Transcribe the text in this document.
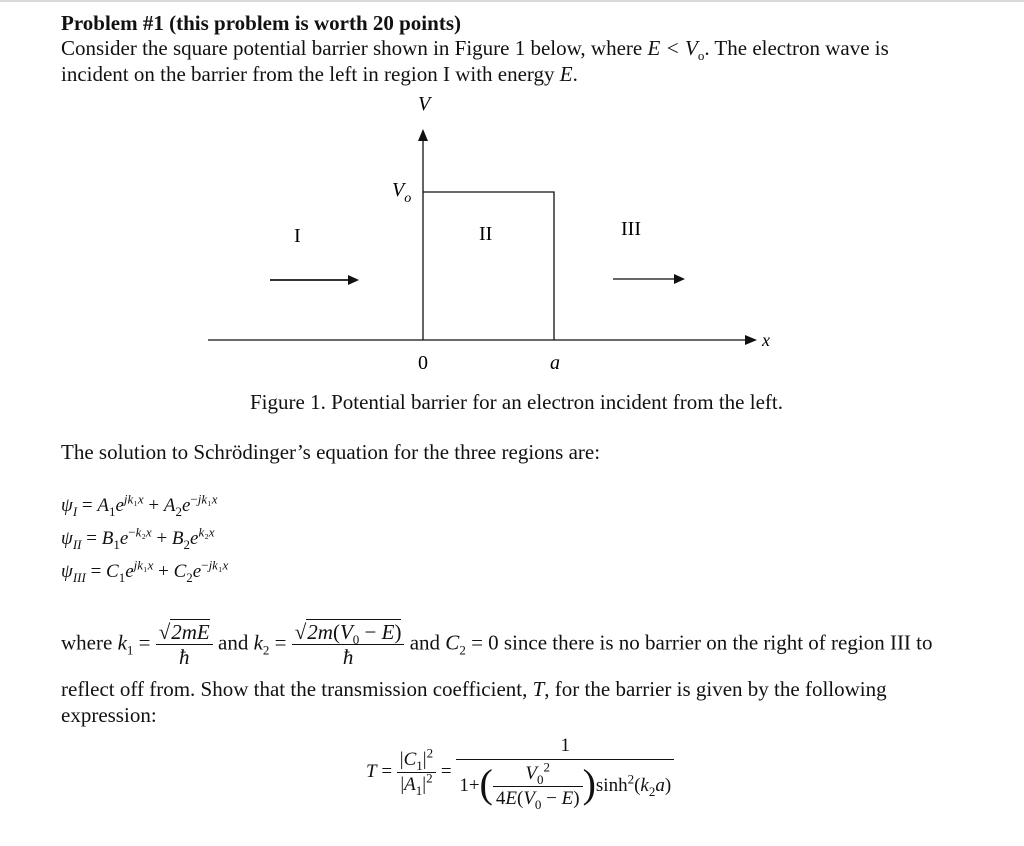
Problem #1 (this problem is worth 20 points)
Consider the square potential barrier shown in Figure 1 below, where $E < V_o$. The electron wave is
incident on the barrier from the left in region I with energy E.
V
x
$V_o$
I	II	III
0	a
Figure 1. Potential barrier for an electron incident from the left.
The solution to Schrödinger’s equation for the three regions are:
$\psi_I = A_1e^{jk_1x} + A_2e^{-jk_1x}$
$\psi_{II} = B_1e^{-k_2x} + B_2e^{k_2x}$
$\psi_{III} = C_1e^{jk_1x} + C_2e^{-jk_1x}$
where $k_1 = \frac{√2mE}{ħ}$ and $k_2 = \frac{√2m(V_0 - E)}{ħ}$ and $C_2 = 0$ since there is no barrier on the right of region III to
reflect off from. Show that the transmission coefficient, T, for the barrier is given by the following
expression:
$T = \frac{|C_1|^2}{|A_1|^2} = \frac{1}{1+( \frac{V_0^2}{4E(V_0 - E)} )\sinh^2(k_2a)}$
